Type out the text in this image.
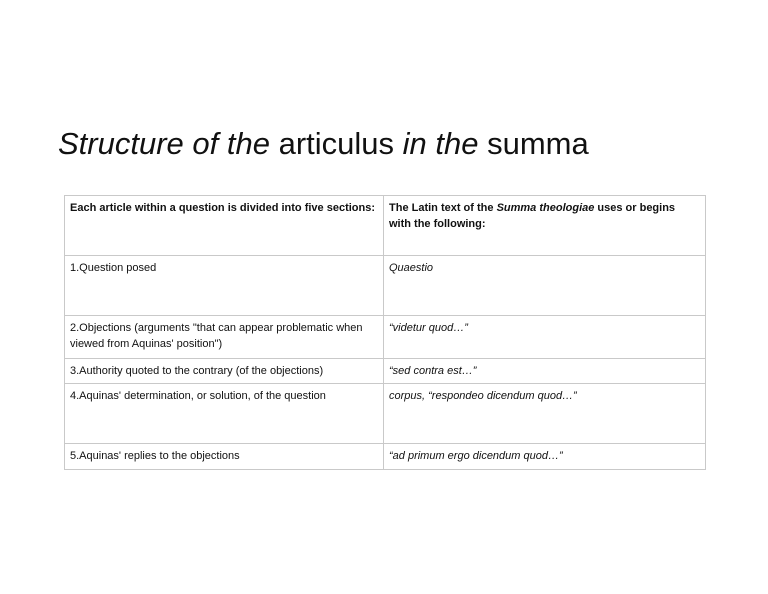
Structure of the articulus in the summa
Each article within a question is divided into five sections:	The Latin text of the Summa theologiae uses or begins with the following:
1.Question posed	Quaestio
2.Objections (arguments "that can appear problematic when viewed from Aquinas' position")	“videtur quod…”
3.Authority quoted to the contrary (of the objections)	“sed contra est…”
4.Aquinas' determination, or solution, of the question	corpus, “respondeo dicendum quod…”
5.Aquinas' replies to the objections	“ad primum ergo dicendum quod…”
